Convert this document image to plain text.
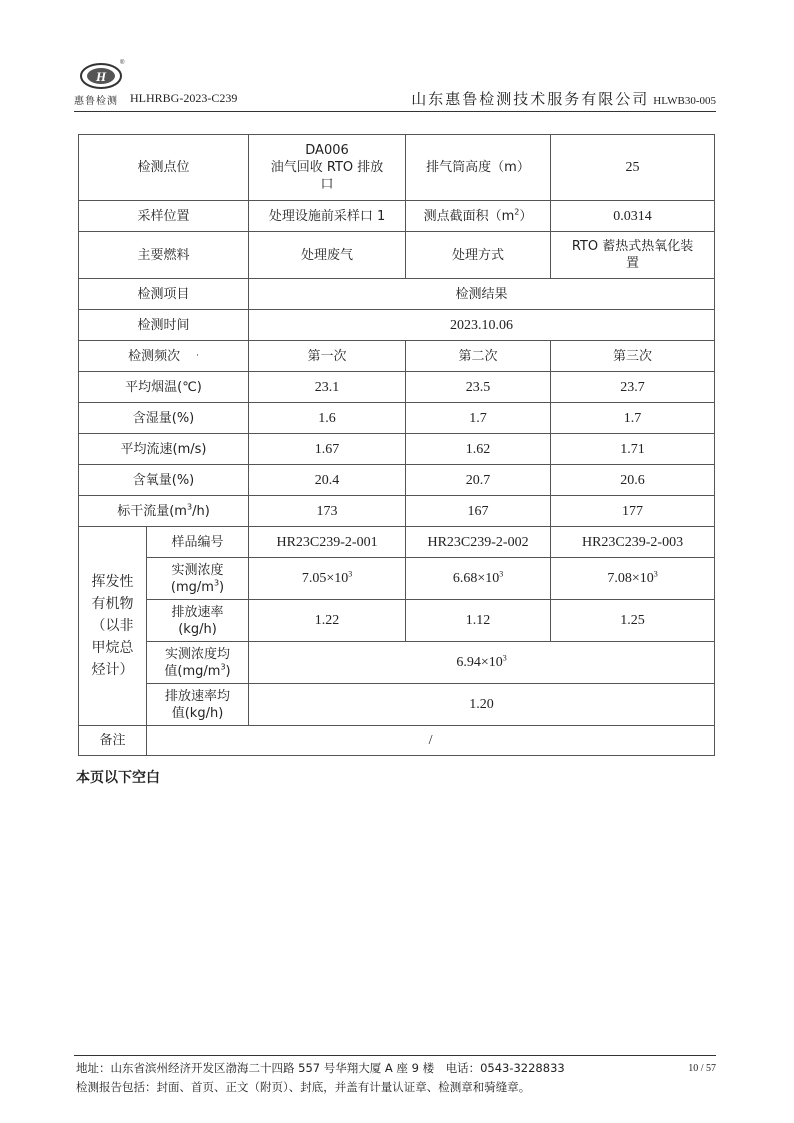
H
®
惠鲁检测 HLHRBG-2023-C239	山东惠鲁检测技术服务有限公司 HLWB30-005
检测点位		DA006
油气回收 RTO 排放
口	排气筒高度（m）	25
采样位置		处理设施前采样口 1	测点截面积$(m^2)$	0.0314
主要燃料		处理废气	处理方式	RTO 蓄热式热氧化装
置

检测项目		检测结果		
检测时间		2023.10.06		
检测频次 ·		第一次	第二次	第三次
平均烟温(℃)		23.1	23.5	23.7
含湿量(%)		1.6	1.7	1.7
平均流速(m/s)		1.67	1.62	1.71
含氧量(%)		20.4	20.7	20.6
标干流量$(m^3/h)$		173	167	177

挥发性
有机物
（以非
甲烷总
烃计）	样品编号	HR23C239-2-001	HR23C239-2-002	HR23C239-2-003

	实测浓度
$(mg/m^3)$	$7.05\times 10^3$	$6.68\times 10^3$	$7.08\times 10^3$

	排放速率
(kg/h)	1.22	1.12	1.25

	实测浓度均
值$(mg/m^3)$	$6.94\times 10^3$

	排放速率均
值(kg/h)	1.20		
备注	/			
本页以下空白
地址：山东省滨州经济开发区渤海二十四路 557 号华翔大厦 A 座 9 楼　电话：0543-3228833
检测报告包括：封面、首页、正文（附页）、封底，并盖有计量认证章、检测章和骑缝章。
10 / 57
